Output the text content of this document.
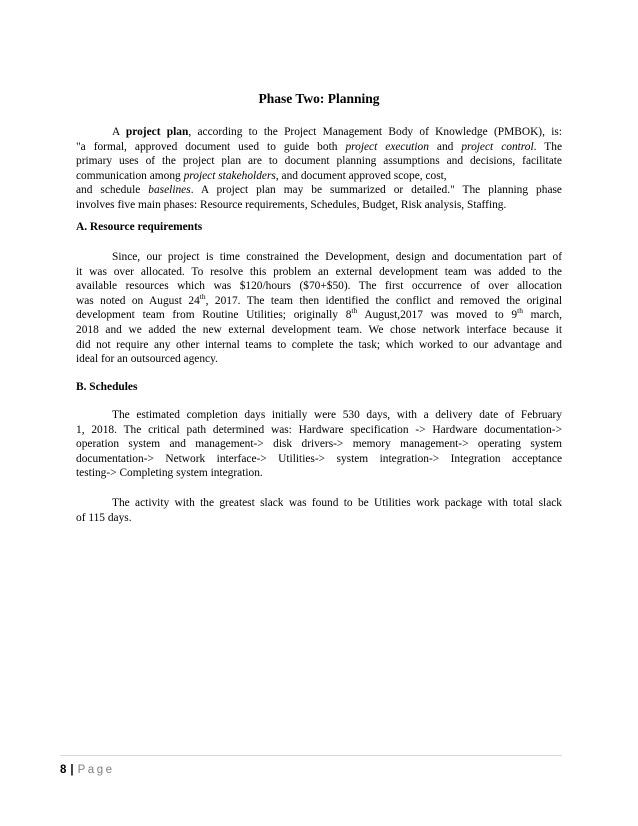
Phase Two: Planning

A project plan, according to the Project Management Body of Knowledge (PMBOK), is:
"a formal, approved document used to guide both project execution and project control. The
primary uses of the project plan are to document planning assumptions and decisions, facilitate
communication among project stakeholders, and document approved scope, cost,
and schedule baselines. A project plan may be summarized or detailed." The planning phase
involves five main phases: Resource requirements, Schedules, Budget, Risk analysis, Staffing.

A. Resource requirements

Since, our project is time constrained the Development, design and documentation part of
it was over allocated. To resolve this problem an external development team was added to the
available resources which was $120/hours ($70+$50). The first occurrence of over allocation
was noted on August 24th, 2017. The team then identified the conflict and removed the original
development team from Routine Utilities; originally 8th August,2017 was moved to 9th march,
2018 and we added the new external development team. We chose network interface because it
did not require any other internal teams to complete the task; which worked to our advantage and
ideal for an outsourced agency.

B. Schedules

The estimated completion days initially were 530 days, with a delivery date of February
1, 2018. The critical path determined was: Hardware specification -> Hardware documentation->
operation system and management-> disk drivers-> memory management-> operating system
documentation-> Network interface-> Utilities-> system integration-> Integration acceptance
testing-> Completing system integration.

The activity with the greatest slack was found to be Utilities work package with total slack
of 115 days.

8 | Page
